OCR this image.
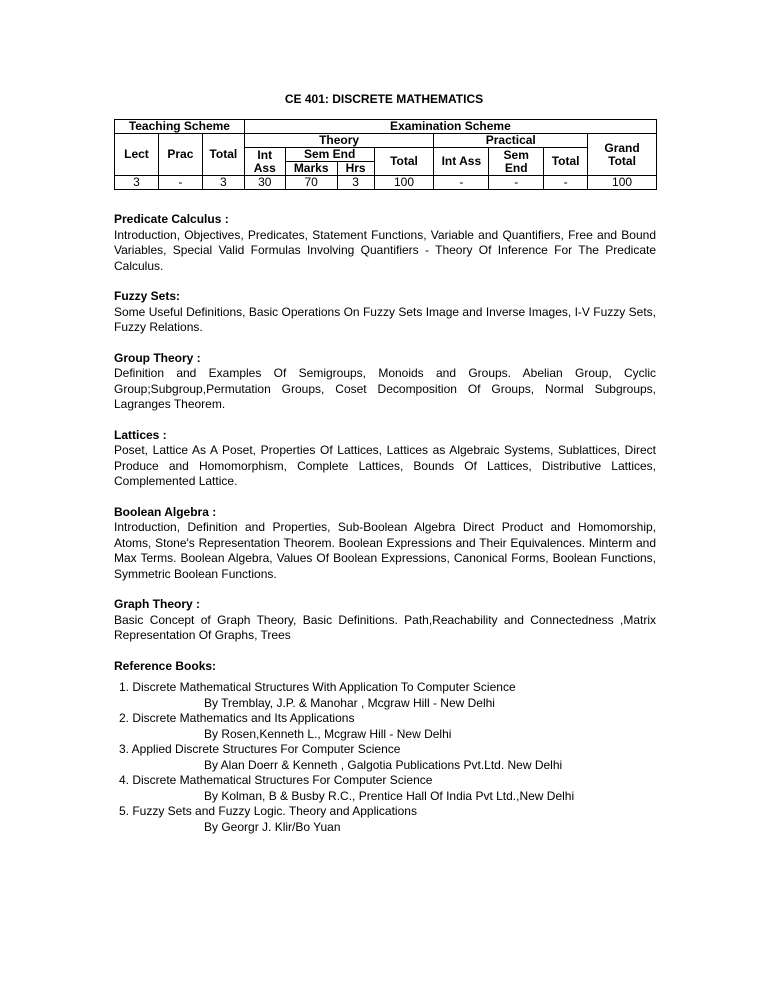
CE 401: DISCRETE MATHEMATICS
Teaching Scheme			Examination Scheme							
Lect	Prac	Total	Theory				Practical			Grand Total
			Int Ass	Sem End		Total	Int Ass	Sem End	Total	
				Marks	Hrs					
3	-	3	30	70	3	100	-	-	-	100
Predicate Calculus :
Introduction, Objectives, Predicates, Statement Functions, Variable and Quantifiers, Free and Bound Variables, Special Valid Formulas Involving Quantifiers - Theory Of Inference For The Predicate Calculus.
Fuzzy Sets:
Some Useful Definitions, Basic Operations On Fuzzy Sets Image and Inverse Images, I-V Fuzzy Sets, Fuzzy Relations.
Group Theory :
Definition and Examples Of Semigroups, Monoids and Groups. Abelian Group, Cyclic Group;Subgroup,Permutation Groups, Coset Decomposition Of Groups, Normal Subgroups, Lagranges Theorem.
Lattices :
Poset, Lattice As A Poset, Properties Of Lattices, Lattices as Algebraic Systems, Sublattices, Direct Produce and Homomorphism, Complete Lattices, Bounds Of Lattices, Distributive Lattices, Complemented Lattice.
Boolean Algebra :
Introduction, Definition and Properties, Sub-Boolean Algebra Direct Product and Homomorship, Atoms, Stone's Representation Theorem. Boolean Expressions and Their Equivalences. Minterm and Max Terms. Boolean Algebra, Values Of Boolean Expressions, Canonical Forms, Boolean Functions, Symmetric Boolean Functions.
Graph Theory :
Basic Concept of Graph Theory, Basic Definitions. Path,Reachability and Connectedness ,Matrix Representation Of Graphs, Trees
Reference Books:
1. Discrete Mathematical Structures With Application To Computer Science
By Tremblay, J.P. & Manohar , Mcgraw Hill - New Delhi
2. Discrete Mathematics and Its Applications
By Rosen,Kenneth L., Mcgraw Hill - New Delhi
3. Applied Discrete Structures For Computer Science
By Alan Doerr & Kenneth , Galgotia Publications Pvt.Ltd. New Delhi
4. Discrete Mathematical Structures For Computer Science
By Kolman, B & Busby R.C., Prentice Hall Of India Pvt Ltd.,New Delhi
5. Fuzzy Sets and Fuzzy Logic. Theory and Applications
By Georgr J. Klir/Bo Yuan
